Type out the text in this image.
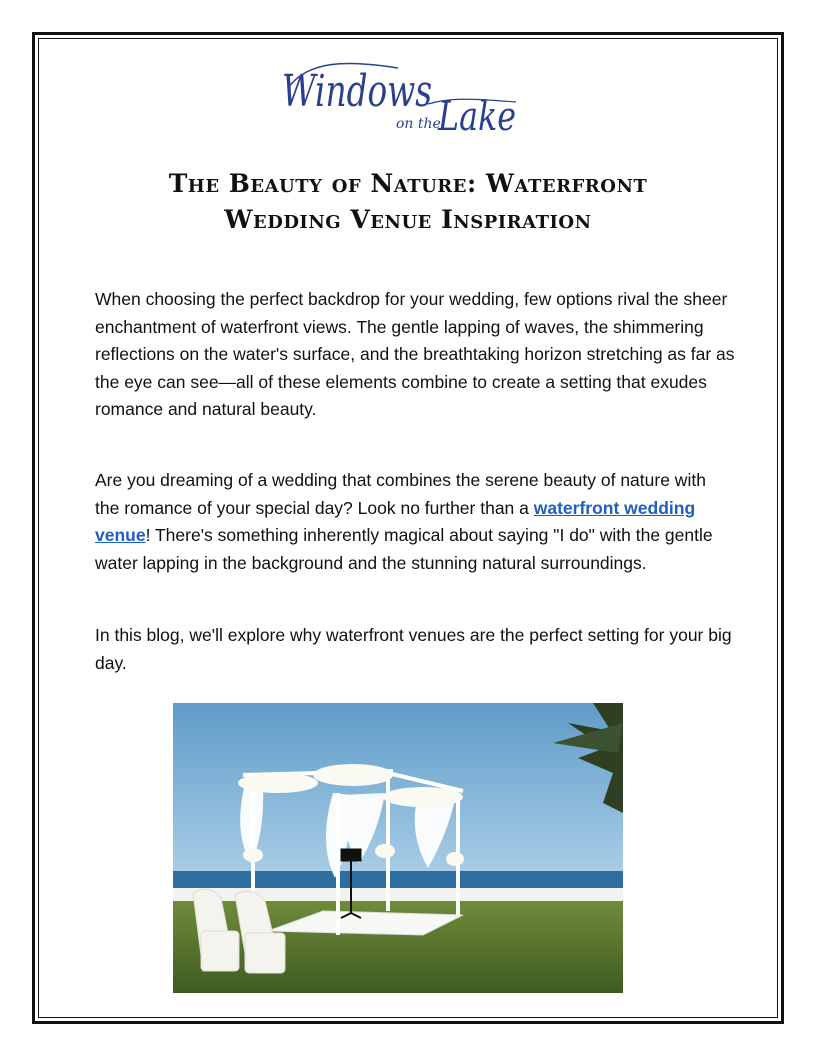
Windows
on the
Lake
The Beauty of Nature: Waterfront
Wedding Venue Inspiration

When choosing the perfect backdrop for your wedding, few options rival the sheer enchantment of waterfront views. The gentle lapping of waves, the shimmering reflections on the water's surface, and the breathtaking horizon stretching as far as the eye can see—all of these elements combine to create a setting that exudes romance and natural beauty.

Are you dreaming of a wedding that combines the serene beauty of nature with the romance of your special day? Look no further than a waterfront wedding venue! There's something inherently magical about saying "I do" with the gentle water lapping in the background and the stunning natural surroundings.

In this blog, we'll explore why waterfront venues are the perfect setting for your big day.
